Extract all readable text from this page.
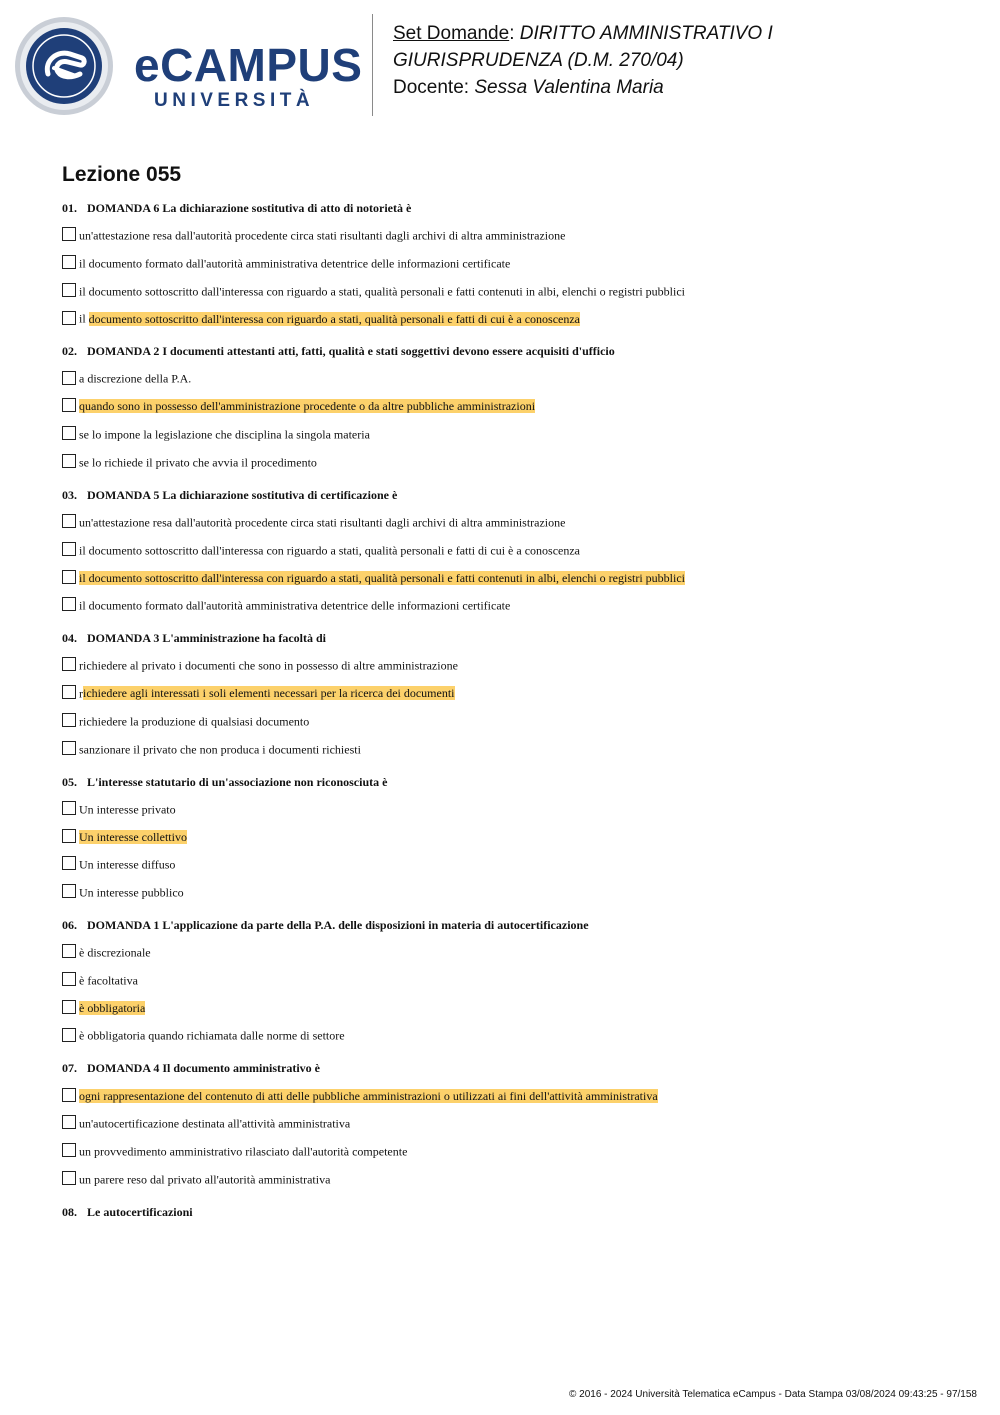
eCAMPUS
UNIVERSITÀ
Set Domande: DIRITTO AMMINISTRATIVO I
GIURISPRUDENZA (D.M. 270/04)
Docente: Sessa Valentina Maria
Lezione 055
01. DOMANDA 6 La dichiarazione sostitutiva di atto di notorietà è
un'attestazione resa dall'autorità procedente circa stati risultanti dagli archivi di altra amministrazione
il documento formato dall'autorità amministrativa detentrice delle informazioni certificate
il documento sottoscritto dall'interessa con riguardo a stati, qualità personali e fatti contenuti in albi, elenchi o registri pubblici
il documento sottoscritto dall'interessa con riguardo a stati, qualità personali e fatti di cui è a conoscenza
02. DOMANDA 2 I documenti attestanti atti, fatti, qualità e stati soggettivi devono essere acquisiti d'ufficio
a discrezione della P.A.
quando sono in possesso dell'amministrazione procedente o da altre pubbliche amministrazioni
se lo impone la legislazione che disciplina la singola materia
se lo richiede il privato che avvia il procedimento
03. DOMANDA 5 La dichiarazione sostitutiva di certificazione è
un'attestazione resa dall'autorità procedente circa stati risultanti dagli archivi di altra amministrazione
il documento sottoscritto dall'interessa con riguardo a stati, qualità personali e fatti di cui è a conoscenza
il documento sottoscritto dall'interessa con riguardo a stati, qualità personali e fatti contenuti in albi, elenchi o registri pubblici
il documento formato dall'autorità amministrativa detentrice delle informazioni certificate
04. DOMANDA 3 L'amministrazione ha facoltà di
richiedere al privato i documenti che sono in possesso di altre amministrazione
richiedere agli interessati i soli elementi necessari per la ricerca dei documenti
richiedere la produzione di qualsiasi documento
sanzionare il privato che non produca i documenti richiesti
05. L'interesse statutario di un'associazione non riconosciuta è
Un interesse privato
Un interesse collettivo
Un interesse diffuso
Un interesse pubblico
06. DOMANDA 1 L'applicazione da parte della P.A. delle disposizioni in materia di autocertificazione
è discrezionale
è facoltativa
è obbligatoria
è obbligatoria quando richiamata dalle norme di settore
07. DOMANDA 4 Il documento amministrativo è
ogni rappresentazione del contenuto di atti delle pubbliche amministrazioni o utilizzati ai fini dell'attività amministrativa
un'autocertificazione destinata all'attività amministrativa
un provvedimento amministrativo rilasciato dall'autorità competente
un parere reso dal privato all'autorità amministrativa
08. Le autocertificazioni
© 2016 - 2024 Università Telematica eCampus - Data Stampa 03/08/2024 09:43:25 - 97/158
